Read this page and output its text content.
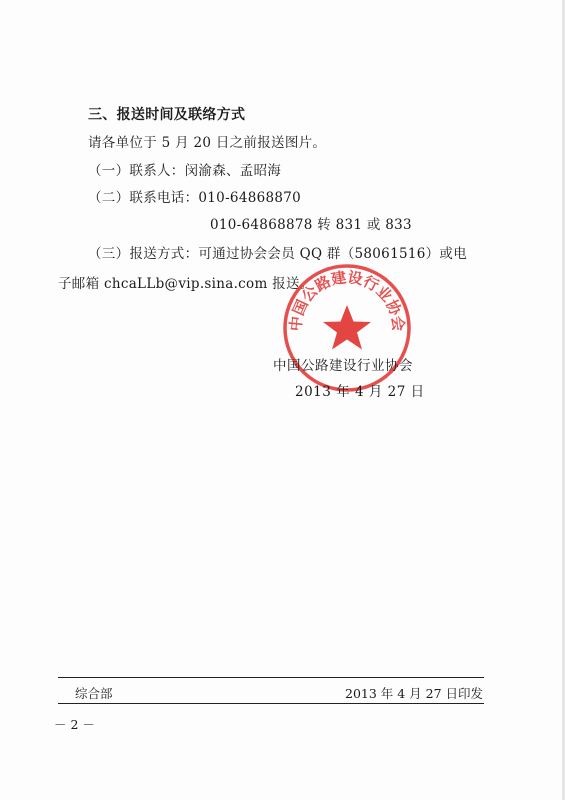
三、报送时间及联络方式
请各单位于 5 月 20 日之前报送图片。
（一）联系人：闵渝森、孟昭海
（二）联系电话：010-64868870
010-64868878 转 831 或 833
（三）报送方式：可通过协会会员 QQ 群（58061516）或电
子邮箱 chcaLLb@vip.sina.com 报送。
中国公路建设行业协会
中国公路建设行业协会
2013 年 4 月 27 日
综合部	2013 年 4 月 27 日印发
－ 2 －
